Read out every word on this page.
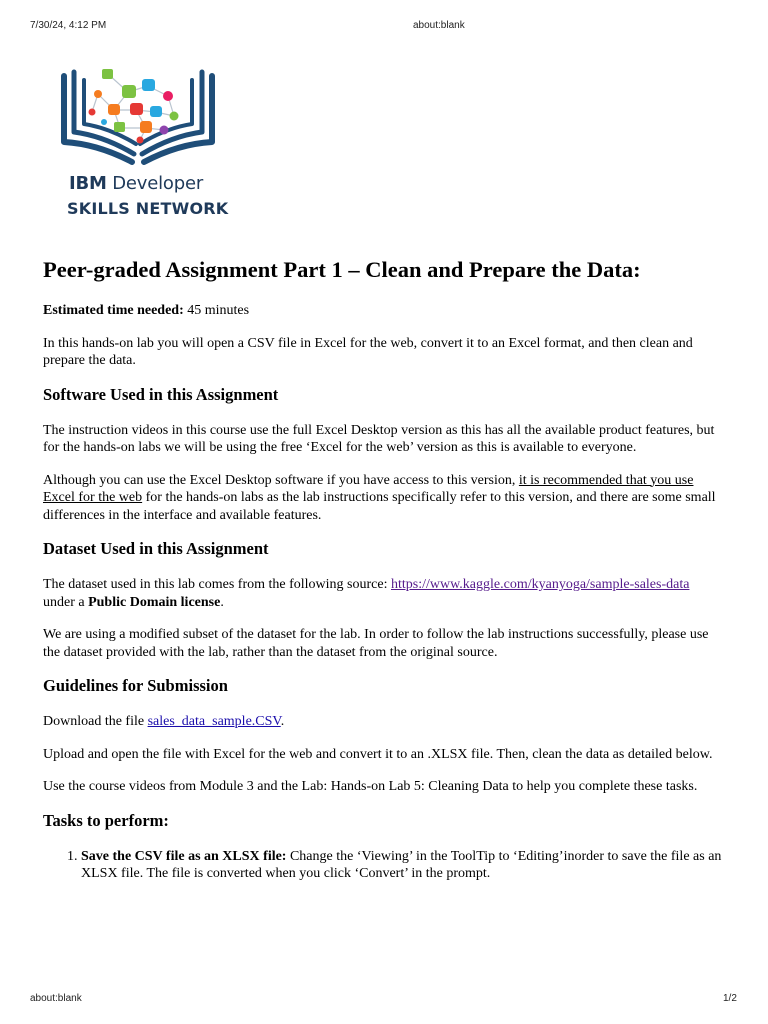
7/30/24, 4:12 PM	about:blank
IBM Developer
SKILLS NETWORK
Peer-graded Assignment Part 1 – Clean and Prepare the Data:

Estimated time needed: 45 minutes

In this hands-on lab you will open a CSV file in Excel for the web, convert it to an Excel format, and then clean and prepare the data.

Software Used in this Assignment

The instruction videos in this course use the full Excel Desktop version as this has all the available product features, but for the hands-on labs we will be using the free ‘Excel for the web’ version as this is available to everyone.

Although you can use the Excel Desktop software if you have access to this version, it is recommended that you use Excel for the web for the hands-on labs as the lab instructions specifically refer to this version, and there are some small differences in the interface and available features.

Dataset Used in this Assignment

The dataset used in this lab comes from the following source: https://www.kaggle.com/kyanyoga/sample-sales-data under a Public Domain license.

We are using a modified subset of the dataset for the lab. In order to follow the lab instructions successfully, please use the dataset provided with the lab, rather than the dataset from the original source.

Guidelines for Submission

Download the file sales_data_sample.CSV.

Upload and open the file with Excel for the web and convert it to an .XLSX file. Then, clean the data as detailed below.

Use the course videos from Module 3 and the Lab: Hands-on Lab 5: Cleaning Data to help you complete these tasks.

Tasks to perform:
1. Save the CSV file as an XLSX file: Change the ‘Viewing’ in the ToolTip to ‘Editing’inorder to save the file as an XLSX file. The file is converted when you click ‘Convert’ in the prompt.
about:blank	1/2
